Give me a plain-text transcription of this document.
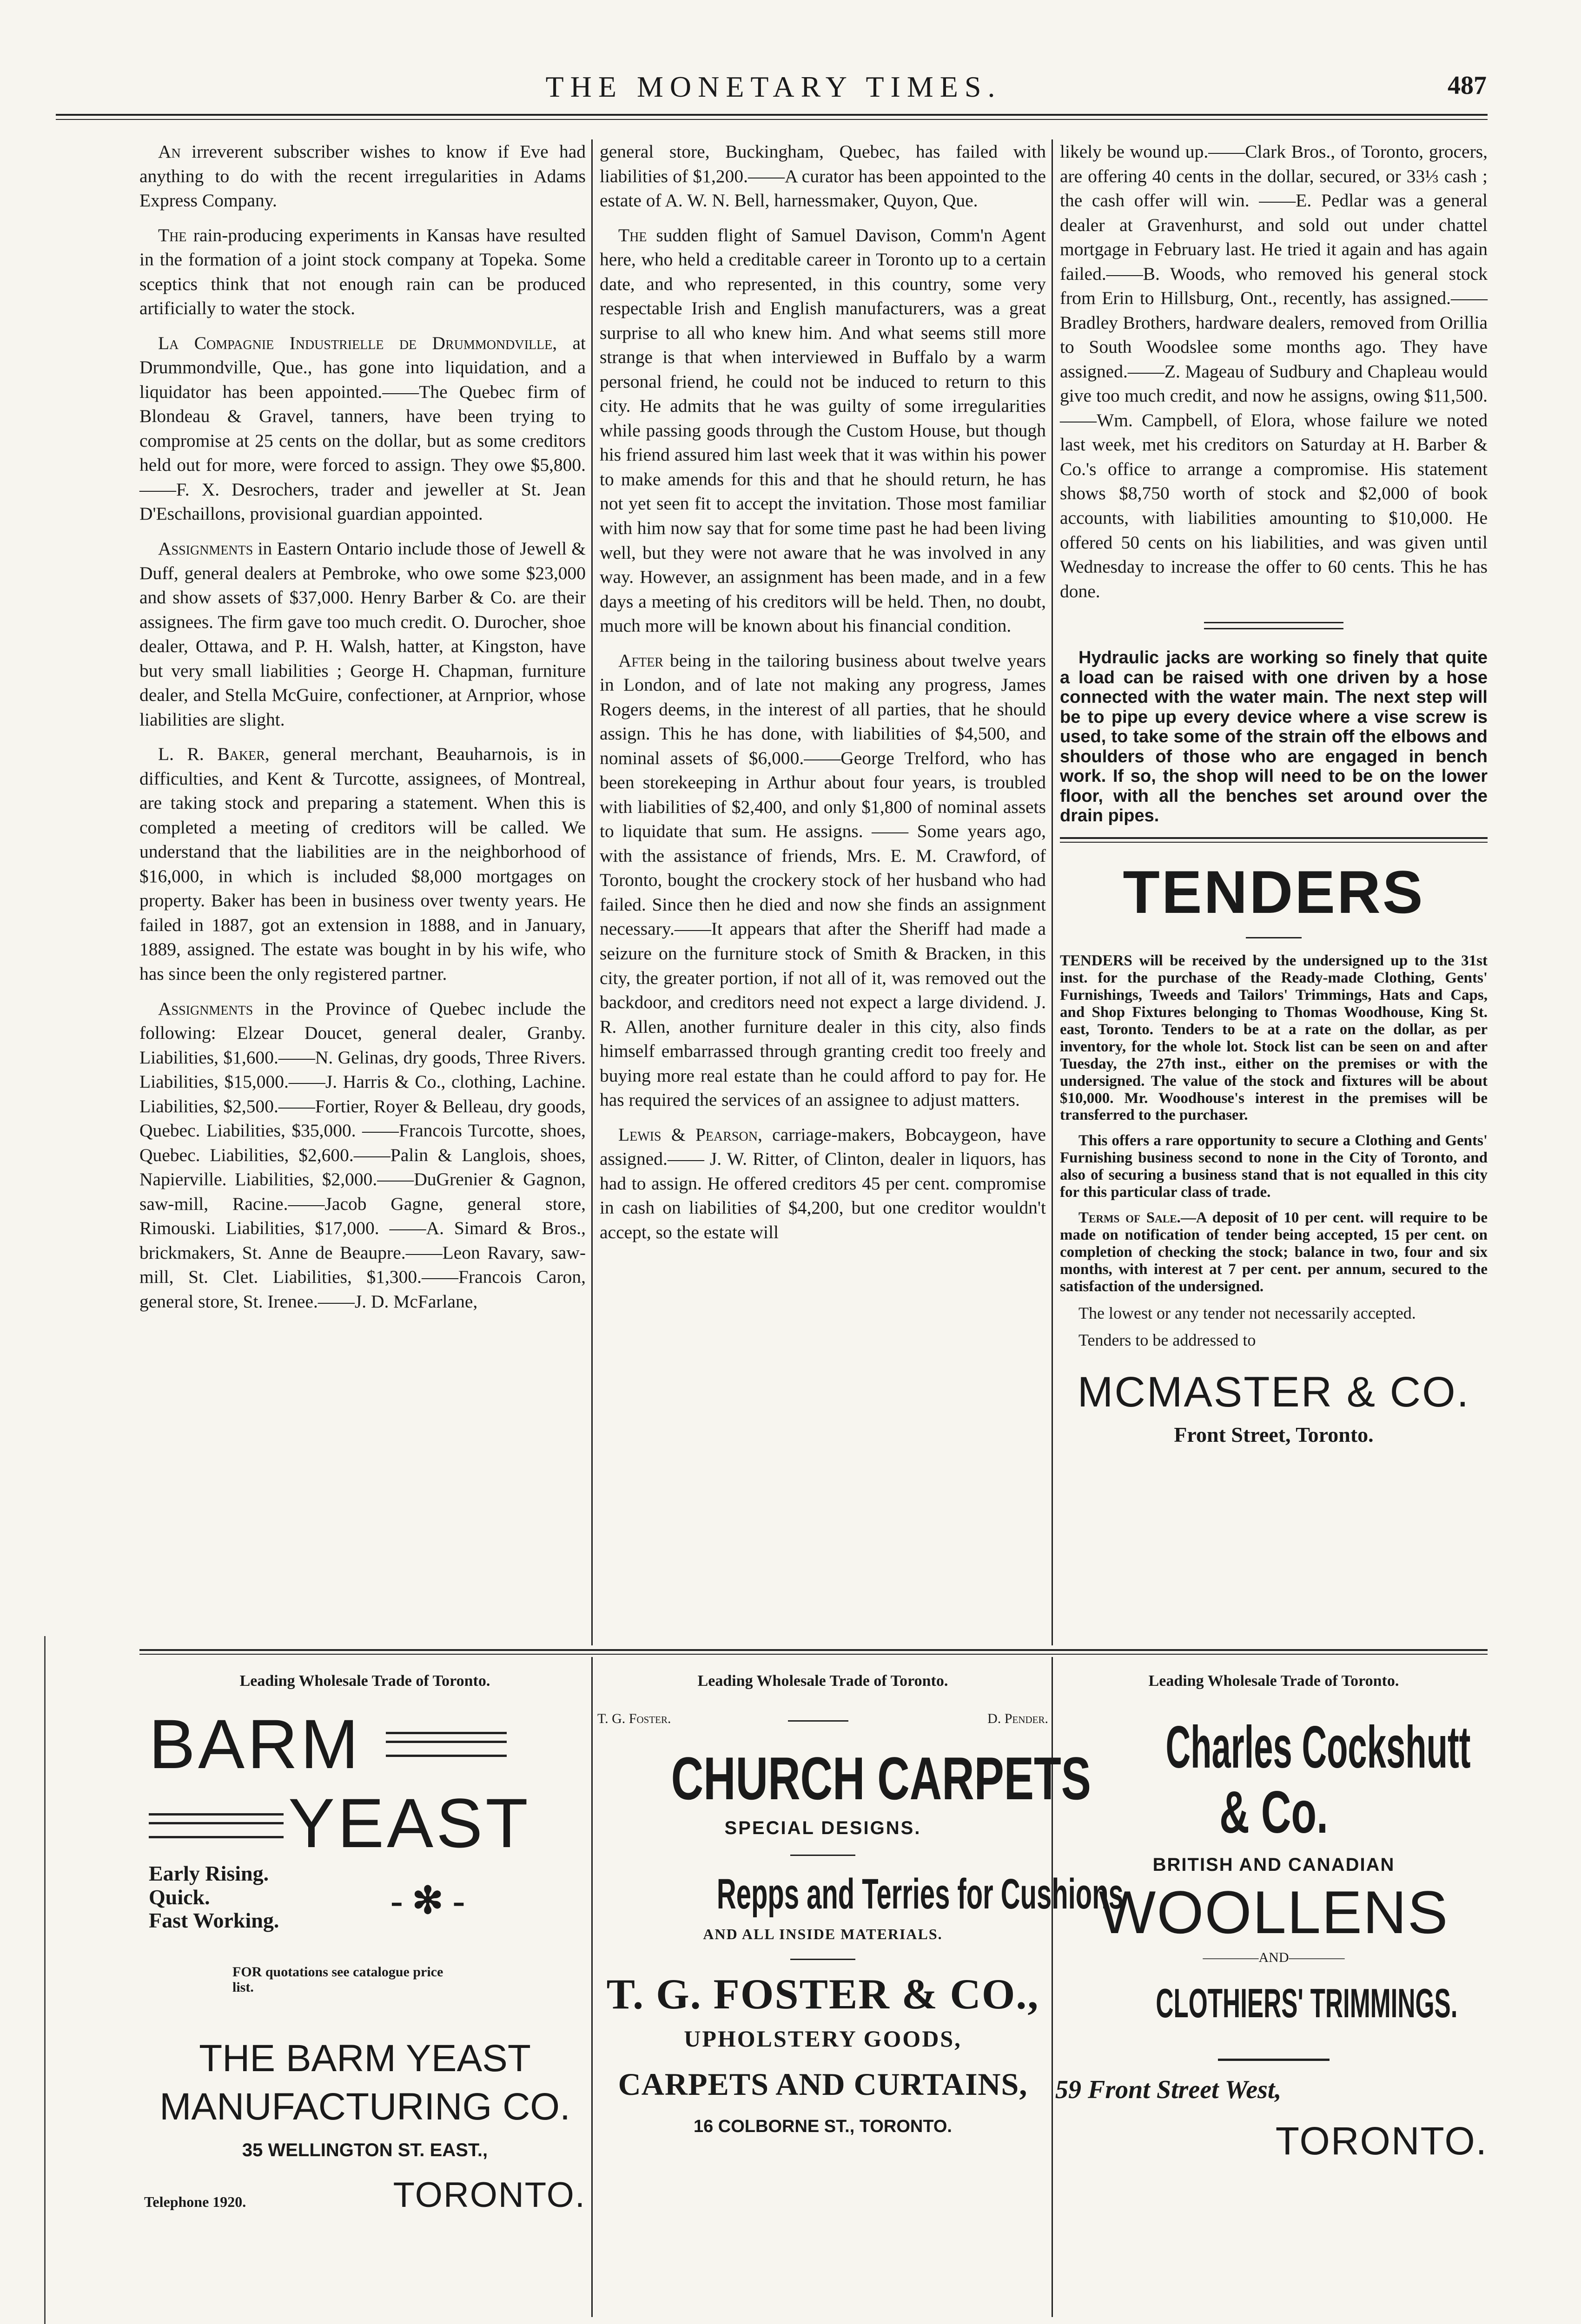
THE MONETARY TIMES.	487

An irreverent subscriber wishes to know if Eve had anything to do with the recent irregularities in Adams Express Company.

The rain-producing experiments in Kansas have resulted in the formation of a joint stock company at Topeka. Some sceptics think that not enough rain can be produced artificially to water the stock.

La Compagnie Industrielle de Drummondville, at Drummondville, Que., has gone into liquidation, and a liquidator has been appointed.——The Quebec firm of Blondeau & Gravel, tanners, have been trying to compromise at 25 cents on the dollar, but as some creditors held out for more, were forced to assign. They owe $5,800.——F. X. Desrochers, trader and jeweller at St. Jean D'Eschaillons, provisional guardian appointed.

Assignments in Eastern Ontario include those of Jewell & Duff, general dealers at Pembroke, who owe some $23,000 and show assets of $37,000. Henry Barber & Co. are their assignees. The firm gave too much credit. O. Durocher, shoe dealer, Ottawa, and P. H. Walsh, hatter, at Kingston, have but very small liabilities ; George H. Chapman, furniture dealer, and Stella McGuire, confectioner, at Arnprior, whose liabilities are slight.

L. R. Baker, general merchant, Beauharnois, is in difficulties, and Kent & Turcotte, assignees, of Montreal, are taking stock and preparing a statement. When this is completed a meeting of creditors will be called. We understand that the liabilities are in the neighborhood of $16,000, in which is included $8,000 mortgages on property. Baker has been in business over twenty years. He failed in 1887, got an extension in 1888, and in January, 1889, assigned. The estate was bought in by his wife, who has since been the only registered partner.

Assignments in the Province of Quebec include the following: Elzear Doucet, general dealer, Granby. Liabilities, $1,600.——N. Gelinas, dry goods, Three Rivers. Liabilities, $15,000.——J. Harris & Co., clothing, Lachine. Liabilities, $2,500.——Fortier, Royer & Belleau, dry goods, Quebec. Liabilities, $35,000. ——Francois Turcotte, shoes, Quebec. Liabilities, $2,600.——Palin & Langlois, shoes, Napierville. Liabilities, $2,000.——DuGrenier & Gagnon, saw-mill, Racine.——Jacob Gagne, general store, Rimouski. Liabilities, $17,000. ——A. Simard & Bros., brickmakers, St. Anne de Beaupre.——Leon Ravary, saw-mill, St. Clet. Liabilities, $1,300.——Francois Caron, general store, St. Irenee.——J. D. McFarlane,

general store, Buckingham, Quebec, has failed with liabilities of $1,200.——A curator has been appointed to the estate of A. W. N. Bell, harnessmaker, Quyon, Que.

The sudden flight of Samuel Davison, Comm'n Agent here, who held a creditable career in Toronto up to a certain date, and who represented, in this country, some very respectable Irish and English manufacturers, was a great surprise to all who knew him. And what seems still more strange is that when interviewed in Buffalo by a warm personal friend, he could not be induced to return to this city. He admits that he was guilty of some irregularities while passing goods through the Custom House, but though his friend assured him last week that it was within his power to make amends for this and that he should return, he has not yet seen fit to accept the invitation. Those most familiar with him now say that for some time past he had been living well, but they were not aware that he was involved in any way. However, an assignment has been made, and in a few days a meeting of his creditors will be held. Then, no doubt, much more will be known about his financial condition.

After being in the tailoring business about twelve years in London, and of late not making any progress, James Rogers deems, in the interest of all parties, that he should assign. This he has done, with liabilities of $4,500, and nominal assets of $6,000.——George Trelford, who has been storekeeping in Arthur about four years, is troubled with liabilities of $2,400, and only $1,800 of nominal assets to liquidate that sum. He assigns. —— Some years ago, with the assistance of friends, Mrs. E. M. Crawford, of Toronto, bought the crockery stock of her husband who had failed. Since then he died and now she finds an assignment necessary.——It appears that after the Sheriff had made a seizure on the furniture stock of Smith & Bracken, in this city, the greater portion, if not all of it, was removed out the backdoor, and creditors need not expect a large dividend. J. R. Allen, another furniture dealer in this city, also finds himself embarrassed through granting credit too freely and buying more real estate than he could afford to pay for. He has required the services of an assignee to adjust matters.

Lewis & Pearson, carriage-makers, Bobcaygeon, have assigned.—— J. W. Ritter, of Clinton, dealer in liquors, has had to assign. He offered creditors 45 per cent. compromise in cash on liabilities of $4,200, but one creditor wouldn't accept, so the estate will

likely be wound up.——Clark Bros., of Toronto, grocers, are offering 40 cents in the dollar, secured, or 33⅓ cash ; the cash offer will win. ——E. Pedlar was a general dealer at Gravenhurst, and sold out under chattel mortgage in February last. He tried it again and has again failed.——B. Woods, who removed his general stock from Erin to Hillsburg, Ont., recently, has assigned.——Bradley Brothers, hardware dealers, removed from Orillia to South Woodslee some months ago. They have assigned.——Z. Mageau of Sudbury and Chapleau would give too much credit, and now he assigns, owing $11,500.——Wm. Campbell, of Elora, whose failure we noted last week, met his creditors on Saturday at H. Barber & Co.'s office to arrange a compromise. His statement shows $8,750 worth of stock and $2,000 of book accounts, with liabilities amounting to $10,000. He offered 50 cents on his liabilities, and was given until Wednesday to increase the offer to 60 cents. This he has done.

Hydraulic jacks are working so finely that quite a load can be raised with one driven by a hose connected with the water main. The next step will be to pipe up every device where a vise screw is used, to take some of the strain off the elbows and shoulders of those who are engaged in bench work. If so, the shop will need to be on the lower floor, with all the benches set around over the drain pipes.

TENDERS

TENDERS will be received by the undersigned up to the 31st inst. for the purchase of the Ready-made Clothing, Gents' Furnishings, Tweeds and Tailors' Trimmings, Hats and Caps, and Shop Fixtures belonging to Thomas Woodhouse, King St. east, Toronto. Tenders to be at a rate on the dollar, as per inventory, for the whole lot. Stock list can be seen on and after Tuesday, the 27th inst., either on the premises or with the undersigned. The value of the stock and fixtures will be about $10,000. Mr. Woodhouse's interest in the premises will be transferred to the purchaser.

This offers a rare opportunity to secure a Clothing and Gents' Furnishing business second to none in the City of Toronto, and also of securing a business stand that is not equalled in this city for this particular class of trade.

Terms of Sale.—A deposit of 10 per cent. will require to be made on notification of tender being accepted, 15 per cent. on completion of checking the stock; balance in two, four and six months, with interest at 7 per cent. per annum, secured to the satisfaction of the undersigned.

The lowest or any tender not necessarily accepted.

Tenders to be addressed to

MCMASTER & CO.
Front Street, Toronto.
Leading Wholesale Trade of Toronto.
BARM
YEAST
Early Rising.
Quick.
Fast Working.	- ✻ -
FOR quotations see catalogue price list.
THE BARM YEAST
MANUFACTURING CO.
35 WELLINGTON ST. EAST.,
Telephone 1920.	TORONTO.
Leading Wholesale Trade of Toronto.
T. G. Foster.	D. Pender.
CHURCH CARPETS
SPECIAL DESIGNS.
Repps and Terries for Cushions
AND ALL INSIDE MATERIALS.
T. G. FOSTER & CO.,
UPHOLSTERY GOODS,
CARPETS AND CURTAINS,
16 COLBORNE ST., TORONTO.
Leading Wholesale Trade of Toronto.
Charles Cockshutt
& Co.
BRITISH AND CANADIAN
WOOLLENS
————AND————
CLOTHIERS' TRIMMINGS.
59 Front Street West,
TORONTO.
